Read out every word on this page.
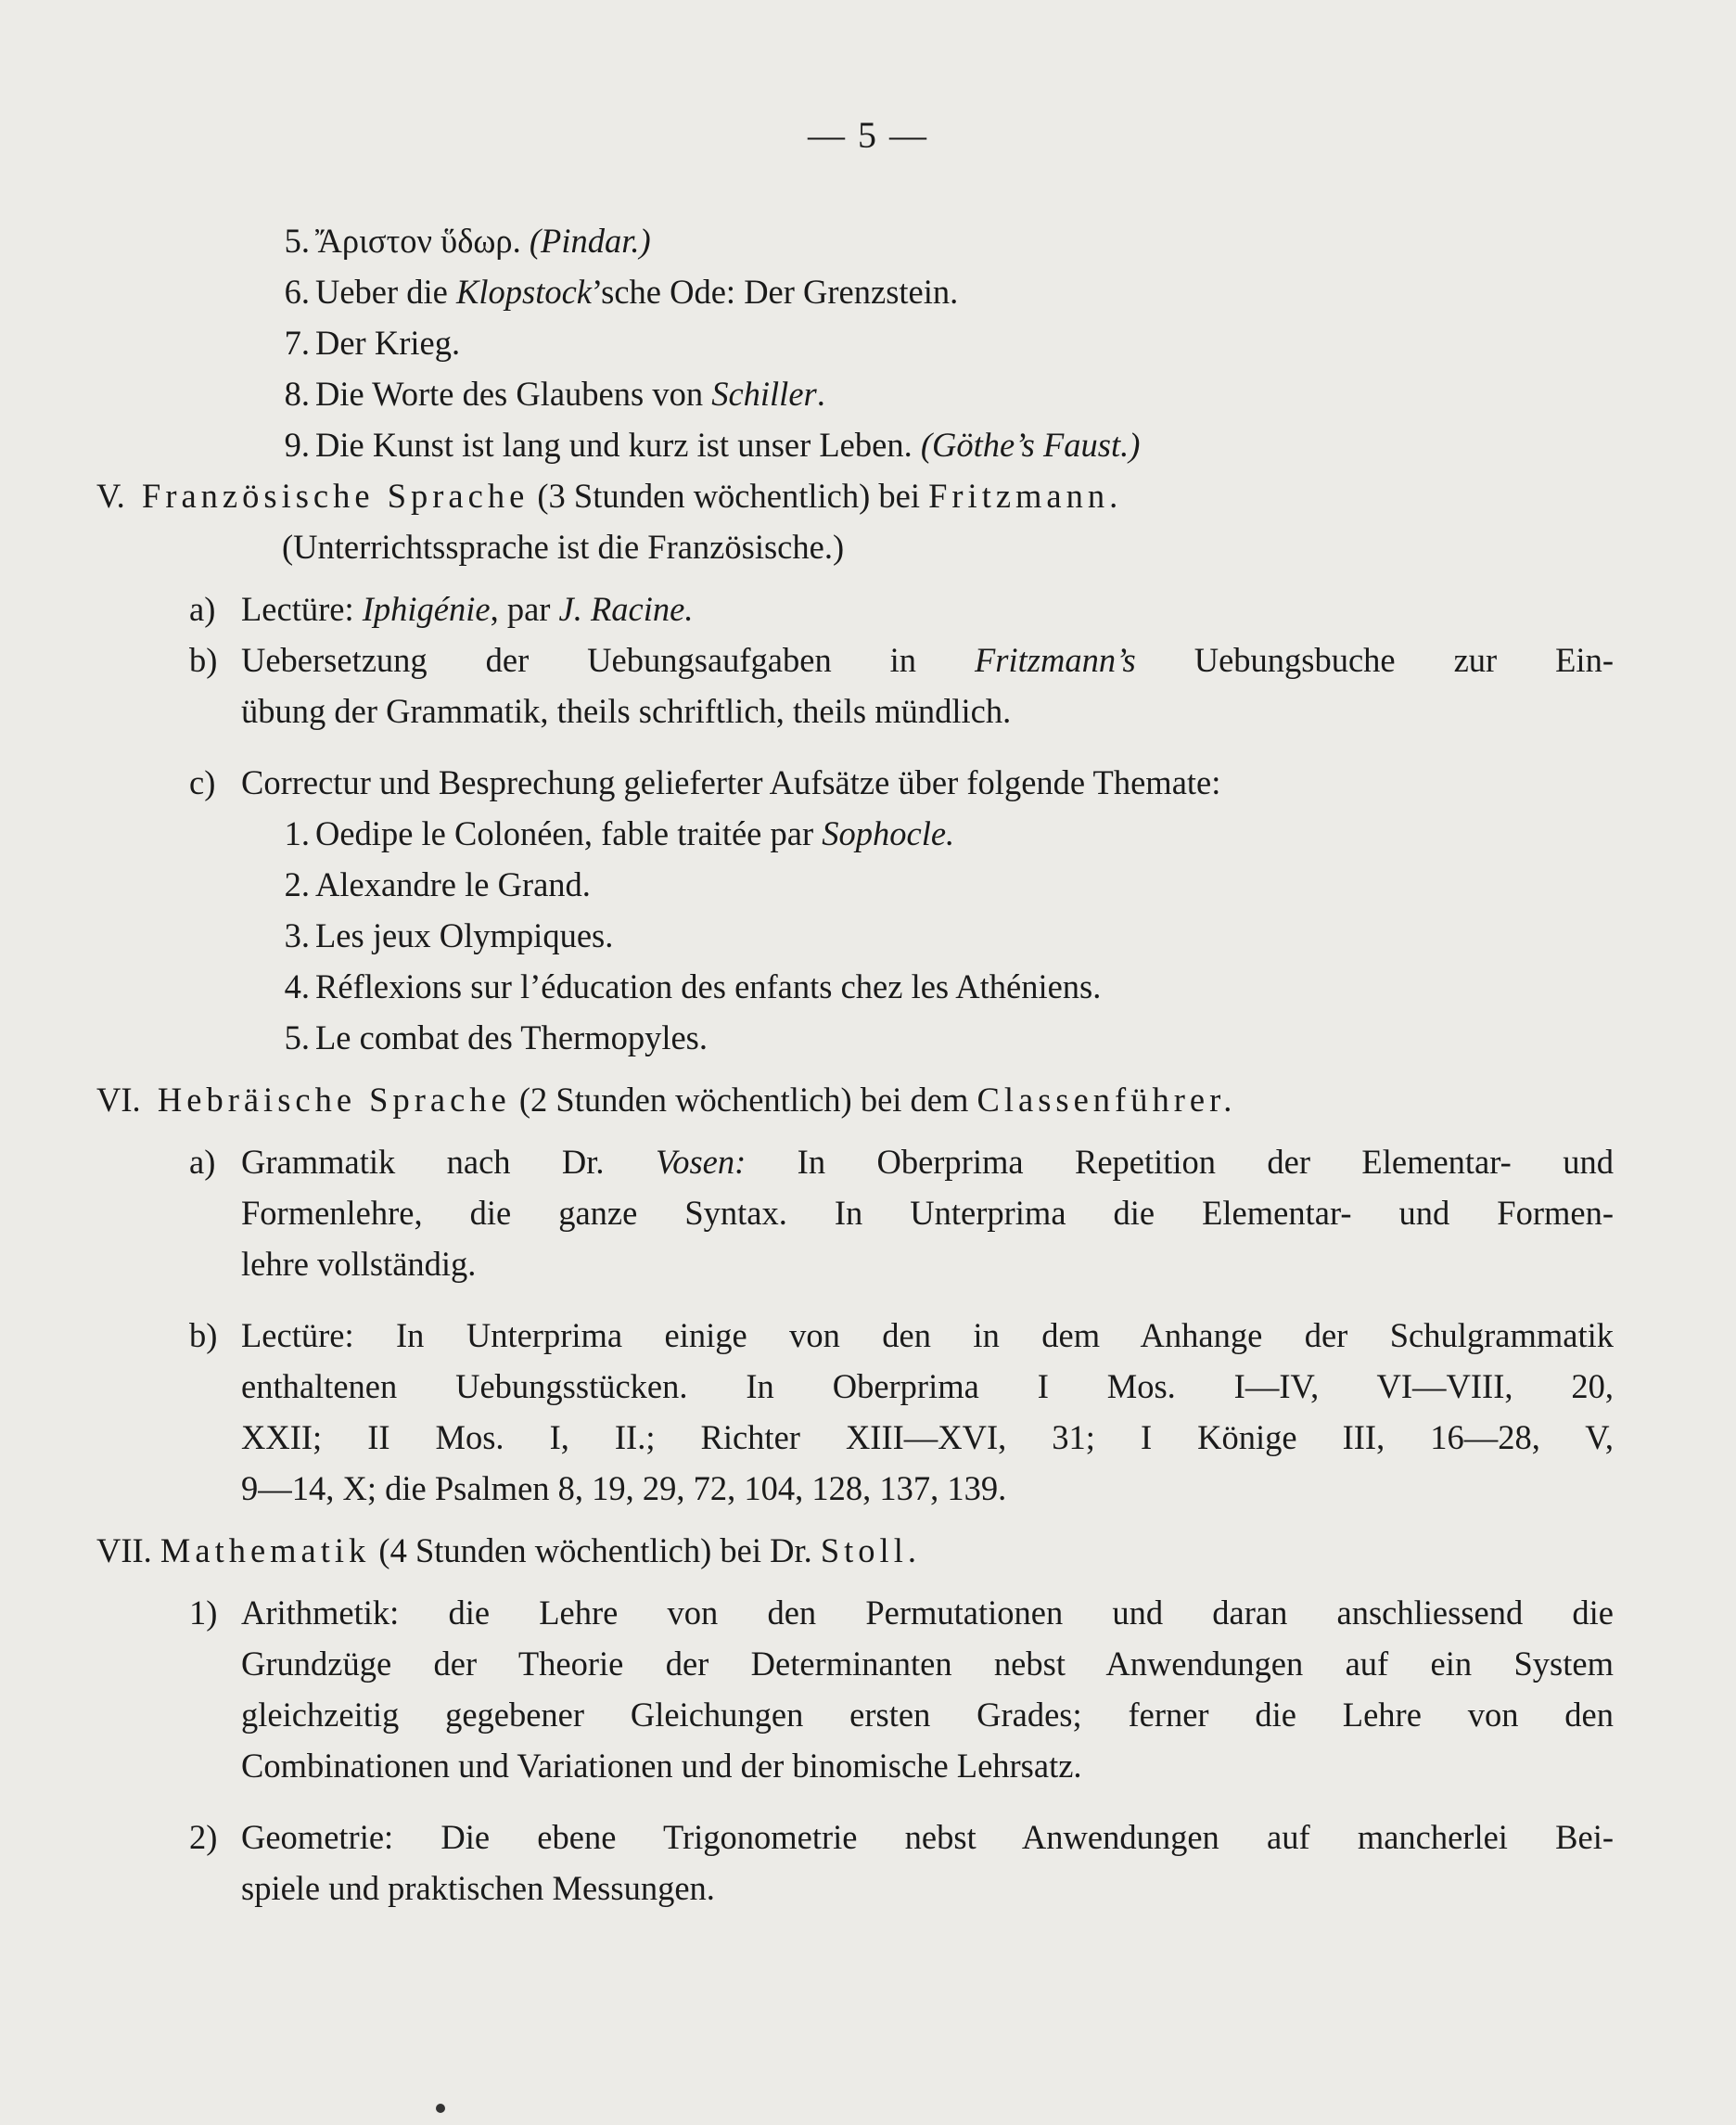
— 5 —
5. Ἄριστον ὕδωρ. (Pindar.)
6. Ueber die Klopstock’sche Ode: Der Grenzstein.
7. Der Krieg.
8. Die Worte des Glaubens von Schiller.
9. Die Kunst ist lang und kurz ist unser Leben. (Göthe’s Faust.)
V. Französische Sprache (3 Stunden wöchentlich) bei Fritzmann.
(Unterrichtssprache ist die Französische.)
a) Lectüre: Iphigénie, par J. Racine.
b) Uebersetzung der Uebungsaufgaben in Fritzmann’s Uebungsbuche zur Ein-
übung der Grammatik, theils schriftlich, theils mündlich.
c) Correctur und Besprechung gelieferter Aufsätze über folgende Themate:
1. Oedipe le Colonéen, fable traitée par Sophocle.
2. Alexandre le Grand.
3. Les jeux Olympiques.
4. Réflexions sur l’éducation des enfants chez les Athéniens.
5. Le combat des Thermopyles.
VI. Hebräische Sprache (2 Stunden wöchentlich) bei dem Classenführer.
a) Grammatik nach Dr. Vosen: In Oberprima Repetition der Elementar- und
Formenlehre, die ganze Syntax. In Unterprima die Elementar- und Formen-
lehre vollständig.
b) Lectüre: In Unterprima einige von den in dem Anhange der Schulgrammatik
enthaltenen Uebungsstücken. In Oberprima I Mos. I—IV, VI—VIII, 20,
XXII; II Mos. I, II.; Richter XIII—XVI, 31; I Könige III, 16—28, V,
9—14, X; die Psalmen 8, 19, 29, 72, 104, 128, 137, 139.
VII. Mathematik (4 Stunden wöchentlich) bei Dr. Stoll.
1) Arithmetik: die Lehre von den Permutationen und daran anschliessend die
Grundzüge der Theorie der Determinanten nebst Anwendungen auf ein System
gleichzeitig gegebener Gleichungen ersten Grades; ferner die Lehre von den
Combinationen und Variationen und der binomische Lehrsatz.
2) Geometrie: Die ebene Trigonometrie nebst Anwendungen auf mancherlei Bei-
spiele und praktischen Messungen.
